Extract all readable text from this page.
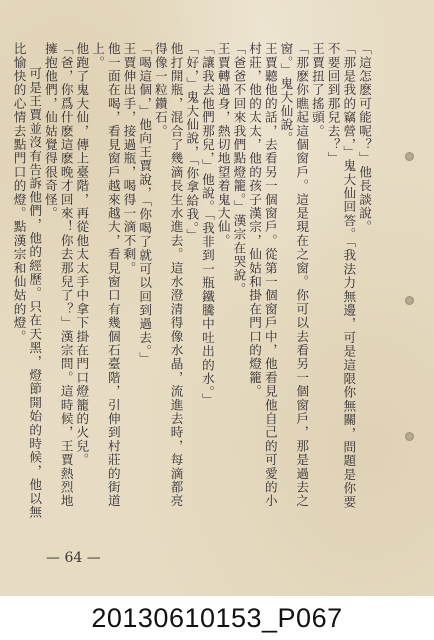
「這怎麽可能呢？」他長談說。

「那是我的竊營，」鬼大仙回答。「我法力無邊，可是這限你無關，問題是你要不要回到那兒去？」

王賈扭了搖頭。

「那麽你瞧起這個窗戶。這是現在之窗。你可以去看另一個窗戶，那是過去之窗。」鬼大仙說。

王賈聽他的話，去看另一個窗戶。從第一個窗戶中，他看見他自己的可愛的小村莊，他的太太，他的孩子漢宗，仙姑和掛在門口的燈籠。

「爸爸不回來我們點燈籠。」漢宗在哭說。

王賈轉過身，熱切地望着鬼大仙。

「讓我去他們那兒，」他說。「我非到一瓶鐵騰中吐出的水。」

「好，」鬼大仙說，「你拿給我。」

他打開瓶，混合了幾滴長生水進去。這水澄清得像水晶，流進去時，每滴都亮得像一粒鑽石。

「喝這個，」他向王賈說，「你喝了就可以回到過去。」

王賈伸出手，接過瓶，喝得一滴不剩。

他一面在喝，看見窗戶越來越大，看見窗口有幾個石臺階，引伸到村莊的街道上。

他跑了鬼大仙，傳上臺階，再從他太太手中拿下掛在門口燈籠的火兒。

「爸，你爲什麽這麽晚才回來！你去那兒了？」漢宗問。這時候，王賈熱烈地擁抱他們，仙姑覺得很奇怪。

可是王賈並沒有告訴他們，他的經歷。只在天黑，燈節開始的時候，他以無比愉快的心情去點門口的燈。點漢宗和仙姑的燈。

— 64 —
20130610153_P067
